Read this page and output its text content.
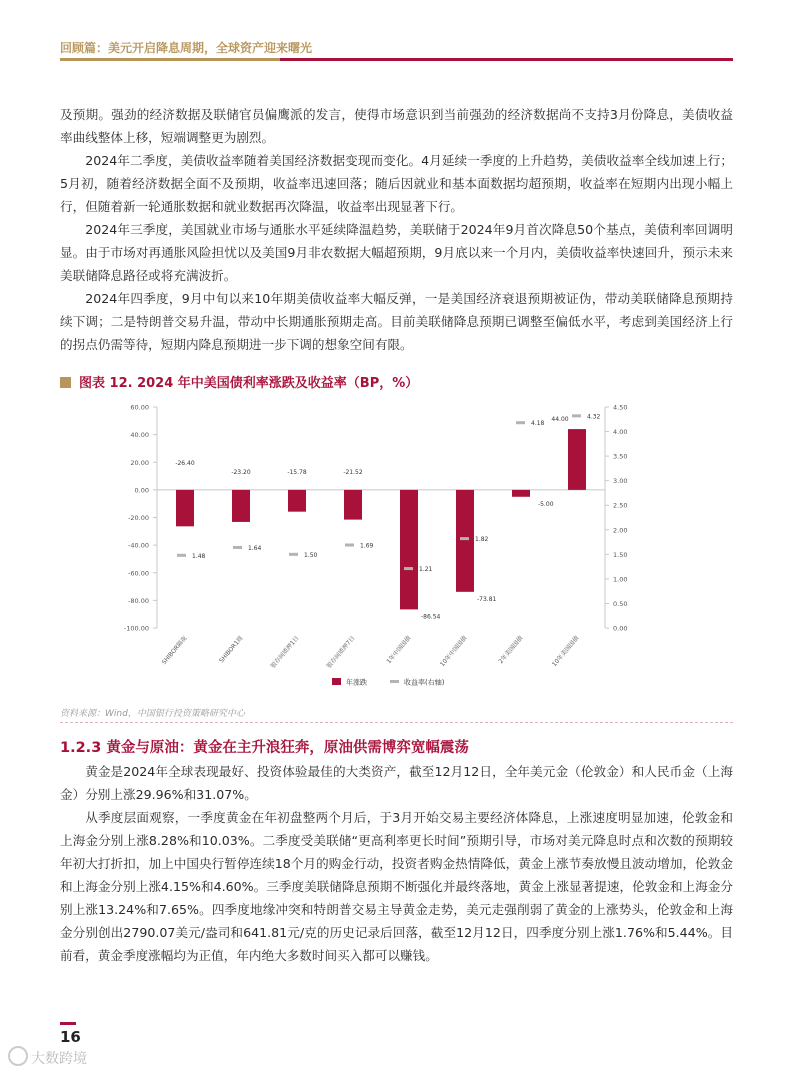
回顾篇：美元开启降息周期，全球资产迎来曙光

及预期。强劲的经济数据及联储官员偏鹰派的发言，使得市场意识到当前强劲的经济数据尚不支持3月份降息，美债收益率曲线整体上移，短端调整更为剧烈。

2024年二季度，美债收益率随着美国经济数据变现而变化。4月延续一季度的上升趋势，美债收益率全线加速上行；5月初，随着经济数据全面不及预期，收益率迅速回落；随后因就业和基本面数据均超预期，收益率在短期内出现小幅上行，但随着新一轮通胀数据和就业数据再次降温，收益率出现显著下行。

2024年三季度，美国就业市场与通胀水平延续降温趋势，美联储于2024年9月首次降息50个基点，美债利率回调明显。由于市场对再通胀风险担忧以及美国9月非农数据大幅超预期，9月底以来一个月内，美债收益率快速回升，预示未来美联储降息路径或将充满波折。

2024年四季度，9月中旬以来10年期美债收益率大幅反弹，一是美国经济衰退预期被证伪，带动美联储降息预期持续下调；二是特朗普交易升温，带动中长期通胀预期走高。目前美联储降息预期已调整至偏低水平，考虑到美国经济上行的拐点仍需等待，短期内降息预期进一步下调的想象空间有限。

图表 12. 2024 年中美国债利率涨跌及收益率（BP，%）
60.00
40.00
20.00
0.00
-20.00
-40.00
-60.00
-80.00
-100.00
4.50
4.00
3.50
3.00
2.50
2.00
1.50
1.00
0.50
0.00
-26.40
-23.20	-15.78	-21.52
-86.54
-73.81
-5.00
44.00
1.48
1.64
1.50
1.69
1.21
1.82
4.18
4.32
SHIBOR隔夜	SHIBOR1周	银存间质押1日	银存间质押7日	1年中国国债	10年中国国债	2年美国国债	10年美国国债
年涨跌	收益率(右轴)
资料来源：Wind，中国银行投资策略研究中心
1.2.3 黄金与原油：黄金在主升浪狂奔，原油供需博弈宽幅震荡

黄金是2024年全球表现最好、投资体验最佳的大类资产，截至12月12日，全年美元金（伦敦金）和人民币金（上海金）分别上涨29.96%和31.07%。

从季度层面观察，一季度黄金在年初盘整两个月后，于3月开始交易主要经济体降息，上涨速度明显加速，伦敦金和上海金分别上涨8.28%和10.03%。二季度受美联储“更高利率更长时间”预期引导，市场对美元降息时点和次数的预期较年初大打折扣，加上中国央行暂停连续18个月的购金行动，投资者购金热情降低，黄金上涨节奏放慢且波动增加，伦敦金和上海金分别上涨4.15%和4.60%。三季度美联储降息预期不断强化并最终落地，黄金上涨显著提速，伦敦金和上海金分别上涨13.24%和7.65%。四季度地缘冲突和特朗普交易主导黄金走势，美元走强削弱了黄金的上涨势头，伦敦金和上海金分别创出2790.07美元/盎司和641.81元/克的历史记录后回落，截至12月12日，四季度分别上涨1.76%和5.44%。目前看，黄金季度涨幅均为正值，年内绝大多数时间买入都可以赚钱。

16
大数跨境
